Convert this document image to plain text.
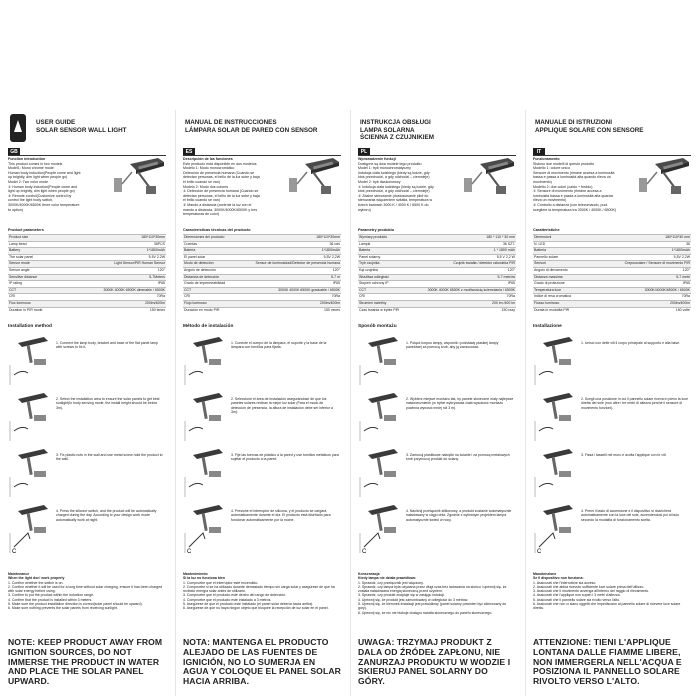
USER GUIDE
SOLAR SENSOR WALL LIGHT
GB
Function introduction
This product comes in two models
Model1: Mono chrome mode
Human body induction(People come and light
up brightly, dim light when people go)
Model 2: Two color mode
① Human body induction(People come and
light up brightly, dim light when people go)
② Remote control(Customize control by
control the light body switch,
3000K/4000K/6500K three color temperature
to option)
Product parameters
Product size	180*110*30mm
Lamp bead	36PCS
Battery	1*1800mAh
The solar panel	5.5V 2.2W
Sensor mode	Light Sensor/PIR Human Sensor
Sensor angle	120°
Sensitive distance	5-7Meters
IP rating	IP65
CCT	3000K 4000K 6500K dimmable / 6500K
CRI	70Ra
Flux luminous	200lm/400lm
Duration in PIR mode	150 times
Installation method
1. Connect the lamp body, bracket and base of the flat panel lamp with screws to fix it.
2. Select the installation area to ensure the solar panels to get best sunlight(In body sensing mode, the install height should be below 3m).
3. Fix plastic nuts in the wall and use metal screw hold the product to the wall.
C
4. Press the silicone switch, and the product will be automatically charged during the day. According to your design work mode automatically work at night.
Maintenance
When the light don' work properly
1. Confirm whether the switch is on.
2. Confirm whether it will be used for a long time without solar charging, ensure it has been charged with solar energy before using.
3. Confirm to put the product within the induction range.
4. Confirm that the product is installed within 3 meters.
5. Make sure the product installation direction is correct(solar panel should be upward).
6. Make sure nothing prevents the solar panels from receiving sunlight.
NOTE: KEEP PRODUCT AWAY FROM IGNITION SOURCES, DO NOT IMMERSE THE PRODUCT IN WATER AND PLACE THE SOLAR PANEL UPWARD.
MANUAL DE INSTRUCCIONES
LÁMPARA SOLAR DE PARED CON SENSOR
ES
Descripción de las funciones
Este producto está disponible en dos modelos
Modelo 1: Modo monocromático
Detección de presencia humana (Cuando se
detectan personas, el brillo de la luz sube y baja
el brillo cuando se van)
Modelo 2: Modo dos colores
① Detección de presencia humana (Cuando se
detectan personas, el brillo de la luz sube y baja
el brillo cuando se van)
② Mando a distancia (controle la luz con el
mando a distancia, 3000K/4000K/6500K y tres
temperaturas de color)
Características técnicas del producto
Dimensiones del producto	180*110*30mm
Cuentas	36 uds
Batería	1*1800mAh
El panel solar	5,5V 2,2W
Modo de detección	Sensor de luminosidad/Detector de presencia humana
Ángulo de detección	120°
Distancia de detección	5-7 m
Grado de impermeabilidad	IP65
CCT	3000K 4000K 6500K graduable / 6500K
CRI	70Ra
Flujo luminoso	200lm/400lm
Duración en modo PIR	150 veces
Método de instalación
1. Conecte el cuerpo de la lámpara, el soporte y la base de la lámpara con tornillos para fijarla.
2. Seleccione el área de instalación asegurándose de que los paneles solares reciban la mejor luz solar (Para el modo de detección de presencia, la altura de instalación debe ser inferior a 3m).
3. Fije las tuercas de plástico a la pared y use tornillos metálicos para sujetar el producto a la pared.
C
4. Presione el interruptor de silicona, y el producto se cargará automáticamente durante el día. El producto está diseñado para funcionar automáticamente por la noche.
Mantenimiento
Si la luz no funciona bien
1. Compruebe que el interruptor esté encendido.
2. Compruebe si se ha utilizado durante demasiado tiempo sin carga solar y asegúrese de que ha recibido energía solar antes de utilizarlo.
3. Compruebe que el producto esté dentro del rango de detección.
4. Compruebe que el producto esté instalado a 3 metros.
5. Asegúrese de que el producto esté instalado (el panel solar debería hacia arriba).
6. Asegúrese de que no haya ningún objeto que bloquee la recepción de luz solar en el panel.
NOTA: MANTENGA EL PRODUCTO ALEJADO DE LAS FUENTES DE IGNICIÓN, NO LO SUMERJA EN AGUA Y COLOQUE EL PANEL SOLAR HACIA ARRIBA.
INSTRUKCJA OBSŁUGI
LAMPA SOLARNA
ŚCIENNA Z CZUJNIKIEM
PL
Wprowadzenie funkcji
Dostępne są dwa modele tego produktu
Model 1: tryb monochromatyczny
Indukcja ciała ludzkiego (kiedy są ludzie, gdy
ktoś przechodzi, a gdy odchodzi – ciemnieje)
Model 2: tryb dwukolorowy
① Indukcja ciała ludzkiego (kiedy są ludzie, gdy
ktoś przechodzi, a gdy odchodzi – ciemnieje)
② Zdalne sterowanie (dostosowanie pilot do
sterowania włączeniem światła, temperatura w
trzech barwach 3000 K / 4000 K / 6500 K do
wyboru)
Parametry produktu
Wymiary produktu	180 * 110 * 30 mm
Lampki	36 SZT.
Bateria	1 * 1800 mAh
Panel solarny	5,5 V 2,2 W
Tryb czujnika	Czujnik światła / detektor człowieka PIR
Kąt czujnika	120°
Wrażliwa odległość	5-7 metrów
Stopień ochrony IP	IP65
CCT	3000K 4000K 6500K z możliwością ściemniania / 6500K
CRI	70Ra
Strumień świetlny	200 lm /400 lm
Czas trwania w trybie PIR	150 razy
Sposób montażu
1. Połącz korpus lampy, wspornik i podstawę płaskiej lampy panelowej za pomocą śrub, aby ją zamocować.
2. Wybierz miejsce montażu tak, by panele słoneczne mały najlepsze nasłonecznienie (w trybie wykrywania ciała wysokość montażu powinna wynosić mniej niż 3 m).
3. Zamocuj plastikowe nakrętki na ścianie i za pomocą metalowych śrub przymocuj produkt do ściany.
C
4. Naciśnij przełącznik silikonowy, a produkt zostanie automatycznie naładowany w ciągu dnia. Zgodnie z wybranym projektem lampa automatycznie świeci w nocy.
Konserwacja
Kiedy lampa nie działa prawidłowo
1. Sprawdź, czy przełącznik jest włączony.
2. Sprawdź, czy lampa była używana przez długi czas bez ładowania na słońcu i upewnij się, że została naładowana energią słoneczną przed użyciem.
3. Sprawdź, czy produkt znajduje się w zasięgu indukcji.
4. Upewnij się, że produkt jest zamontowany w odległości do 3 metrów.
5. Upewnij się, że kierunek instalacji jest prawidłowy (panel solarny powinien być skierowany do góry).
6. Upewnij się, że nic nie blokuje dostępu światła słonecznego do panelu słonecznego.
UWAGA: TRZYMAJ PRODUKT Z DALA OD ŹRÓDEŁ ZAPŁONU, NIE ZANURZAJ PRODUKTU W WODZIE I SKIERUJ PANEL SOLARNY DO GÓRY.
MANUALE DI ISTRUZIONI
APPLIQUE SOLARE CON SENSORE
IT
Funzionamento
Sistono due modelli di questo prodotto
Modello 1: colore unico
Sensore di movimento (rimane accesa a luminosità
bassa e passa a luminosità alta quando rileva un
movimento)
Modello 2: due colori (caldo + freddo)
① Sensore di movimento (rimane accesa a
luminosità bassa e passa a luminosità alta quando
rileva un movimento)
② Controllo a distanza (con telecomando, puoi
scegliere la temperatura tra 3000K / 4000K / 6500K)
Caratteristiche
Dimensioni	180*110*30 mm
N. LED	36
Batteria	1*1800mAh
Pannello solare	5,5V 2,2W
Sensori	Crepuscolare / Sensore di movimento PIR
Angolo di rilevamento	120°
Distanza massima	5-7 metri
Grado di protezione	IP65
Temperatura luce	3000K/4000K/6500K / 6500K
Indice di resa cromatica	70Ra
Flusso luminoso	200lm/400lm
Durata in modalità PIR	150 volte
Installazione
1. Unisci con delle viti il corpo principale al supporto e alla base.
2. Scegli una posizione in cui il pannello solare riceva in pieno la luce diretta del sole (non oltre i tre metri di altezza perché il sensore di movimento funzioni).
3. Fissa i tasselli nel muro e avvita l'applique con le viti.
C
4. Premi il tasto di accensione e il dispositivo si ricaricherà automaticamente con la luce del sole, accendendosi poi al buio secondo la modalità di funzionamento scelta.
Manutenzione
Se il dispositivo non funziona:
1. Assicurati che l'interruttore sia acceso.
2. Assicurati che abbia ricevuto sufficiente luce solare prima dell'utilizzo.
3. Assicurati che il movimento avvenga all'interno del raggio di rilevamento.
4. Assicurati che l'applique non superi i 3 metri d'altezza.
5. Assicurati che il pannello solare sia rivolto verso l'alto.
6. Assicurati che non ci siano oggetti che impediscano al pannello solare di ricevere luce solare diretta.
ATTENZIONE: TIENI L'APPLIQUE LONTANA DALLE FIAMME LIBERE, NON IMMERGERLA NELL'ACQUA E POSIZIONA IL PANNELLO SOLARE RIVOLTO VERSO L'ALTO.
